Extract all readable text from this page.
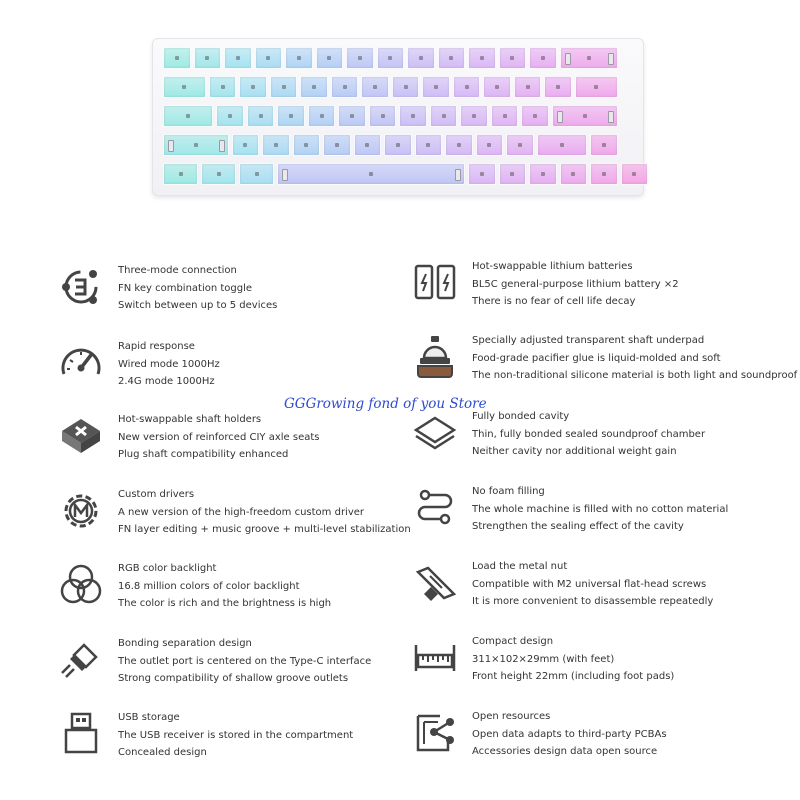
GGGrowing fond of you Store
Three-mode connection
FN key combination toggle
Switch between up to 5 devices
Hot-swappable lithium batteries
BL5C general-purpose lithium battery ×2
There is no fear of cell life decay
Rapid response
Wired mode 1000Hz
2.4G mode 1000Hz
Specially adjusted transparent shaft underpad
Food-grade pacifier glue is liquid-molded and soft
The non-traditional silicone material is both light and soundproof
Hot-swappable shaft holders
New version of reinforced CIY axle seats
Plug shaft compatibility enhanced
Fully bonded cavity
Thin, fully bonded sealed soundproof chamber
Neither cavity nor additional weight gain
Custom drivers
A new version of the high-freedom custom driver
FN layer editing + music groove + multi-level stabilization
No foam filling
The whole machine is filled with no cotton material
Strengthen the sealing effect of the cavity
RGB color backlight
16.8 million colors of color backlight
The color is rich and the brightness is high
Load the metal nut
Compatible with M2 universal flat-head screws
It is more convenient to disassemble repeatedly
Bonding separation design
The outlet port is centered on the Type-C interface
Strong compatibility of shallow groove outlets
Compact design
311×102×29mm (with feet)
Front height 22mm (including foot pads)
USB storage
The USB receiver is stored in the compartment
Concealed design
Open resources
Open data adapts to third-party PCBAs
Accessories design data open source
